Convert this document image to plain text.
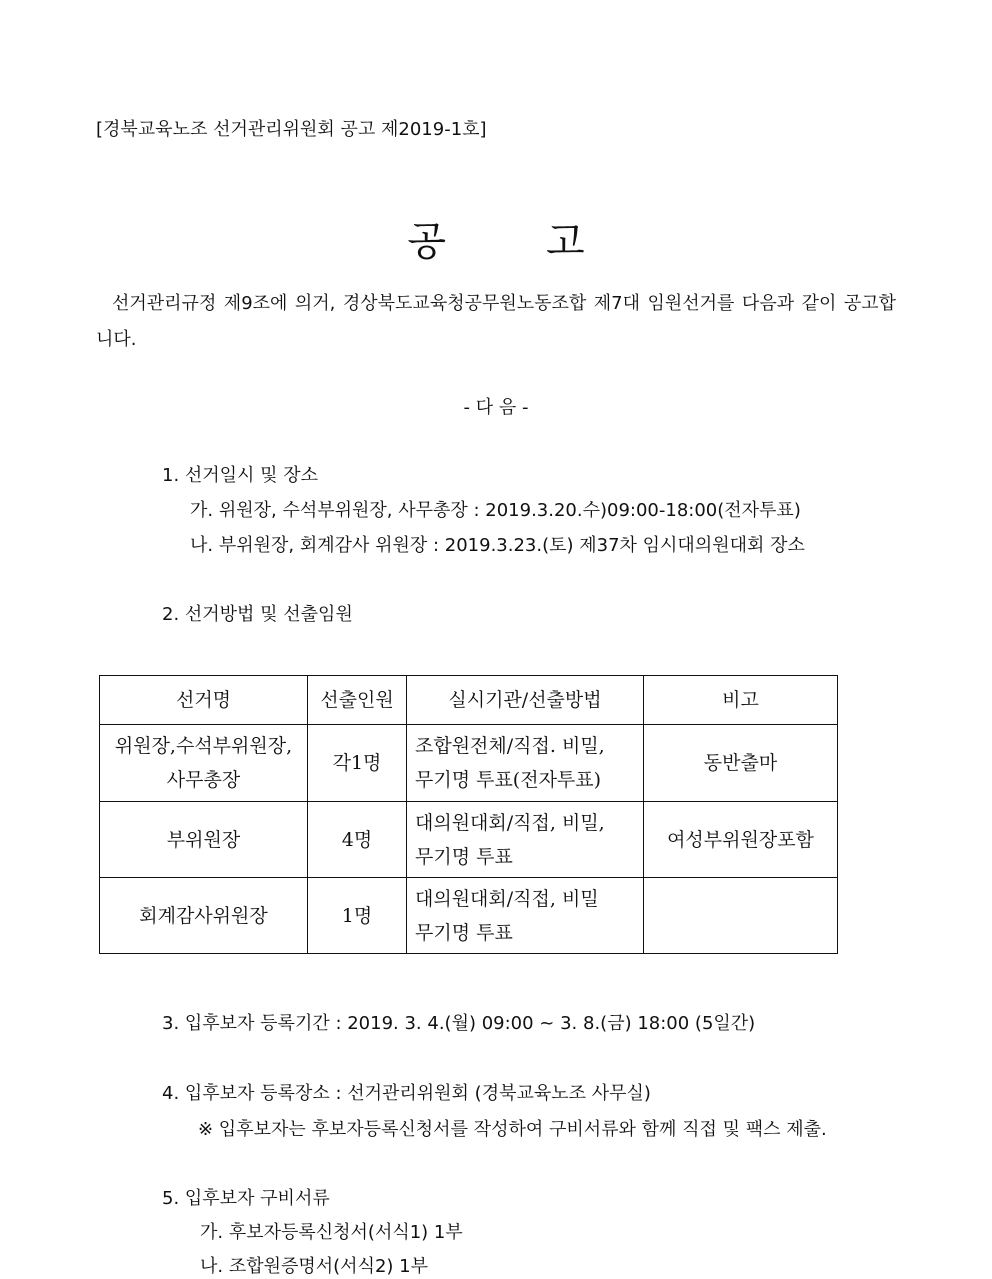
[경북교육노조 선거관리위원회 공고 제2019-1호]
공	고
선거관리규정 제9조에 의거, 경상북도교육청공무원노동조합 제7대 임원선거를 다음과 같이 공고합니다.
- 다 음 -
1. 선거일시 및 장소
가. 위원장, 수석부위원장, 사무총장 : 2019.3.20.수)09:00-18:00(전자투표)
나. 부위원장, 회계감사 위원장 : 2019.3.23.(토) 제37차 임시대의원대회 장소
2. 선거방법 및 선출임원
선거명	선출인원	실시기관/선출방법	비고

위원장,수석부위원장,
사무총장	각1명	조합원전체/직접. 비밀,
무기명 투표(전자투표)	동반출마

부위원장	4명	대의원대회/직접, 비밀,
무기명 투표	여성부위원장포함

회계감사위원장	1명	대의원대회/직접, 비밀
무기명 투표	

3. 입후보자 등록기간 : 2019. 3. 4.(월) 09:00 ~ 3. 8.(금) 18:00 (5일간)
4. 입후보자 등록장소 : 선거관리위원회 (경북교육노조 사무실)
※ 입후보자는 후보자등록신청서를 작성하여 구비서류와 함께 직접 및 팩스 제출.
5. 입후보자 구비서류
가. 후보자등록신청서(서식1) 1부
나. 조합원증명서(서식2) 1부
